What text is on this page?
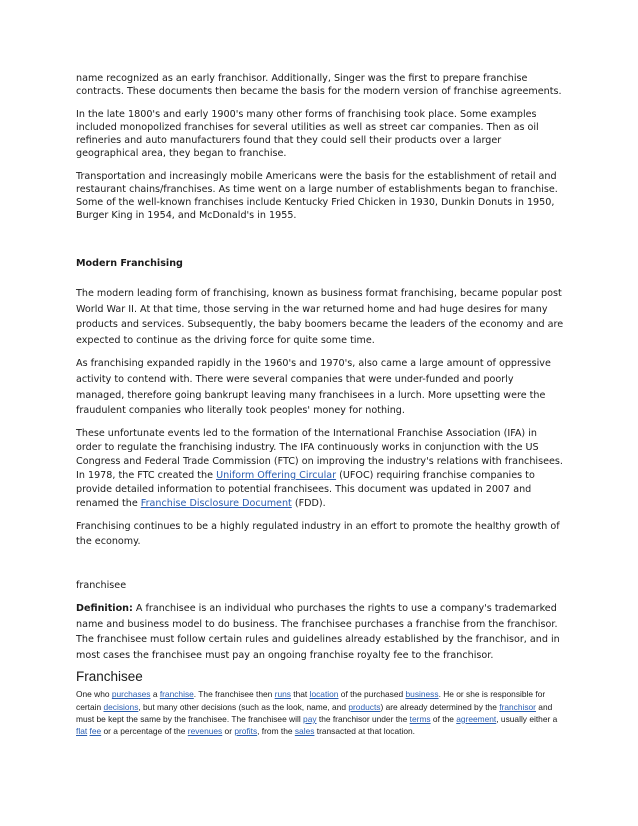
name recognized as an early franchisor. Additionally, Singer was the first to prepare franchise contracts. These documents then became the basis for the modern version of franchise agreements.

In the late 1800's and early 1900's many other forms of franchising took place. Some examples included monopolized franchises for several utilities as well as street car companies. Then as oil refineries and auto manufacturers found that they could sell their products over a larger geographical area, they began to franchise.

Transportation and increasingly mobile Americans were the basis for the establishment of retail and restaurant chains/franchises. As time went on a large number of establishments began to franchise. Some of the well-known franchises include Kentucky Fried Chicken in 1930, Dunkin Donuts in 1950, Burger King in 1954, and McDonald's in 1955.

Modern Franchising

The modern leading form of franchising, known as business format franchising, became popular post World War II. At that time, those serving in the war returned home and had huge desires for many products and services. Subsequently, the baby boomers became the leaders of the economy and are expected to continue as the driving force for quite some time.

As franchising expanded rapidly in the 1960's and 1970's, also came a large amount of oppressive activity to contend with. There were several companies that were under-funded and poorly managed, therefore going bankrupt leaving many franchisees in a lurch. More upsetting were the fraudulent companies who literally took peoples' money for nothing.

These unfortunate events led to the formation of the International Franchise Association (IFA) in order to regulate the franchising industry. The IFA continuously works in conjunction with the US Congress and Federal Trade Commission (FTC) on improving the industry's relations with franchisees. In 1978, the FTC created the Uniform Offering Circular (UFOC) requiring franchise companies to provide detailed information to potential franchisees. This document was updated in 2007 and renamed the Franchise Disclosure Document (FDD).

Franchising continues to be a highly regulated industry in an effort to promote the healthy growth of the economy.

franchisee

Definition: A franchisee is an individual who purchases the rights to use a company's trademarked name and business model to do business. The franchisee purchases a franchise from the franchisor. The franchisee must follow certain rules and guidelines already established by the franchisor, and in most cases the franchisee must pay an ongoing franchise royalty fee to the franchisor.

Franchisee

One who purchases a franchise. The franchisee then runs that location of the purchased business. He or she is responsible for certain decisions, but many other decisions (such as the look, name, and products) are already determined by the franchisor and must be kept the same by the franchisee. The franchisee will pay the franchisor under the terms of the agreement, usually either a flat fee or a percentage of the revenues or profits, from the sales transacted at that location.
